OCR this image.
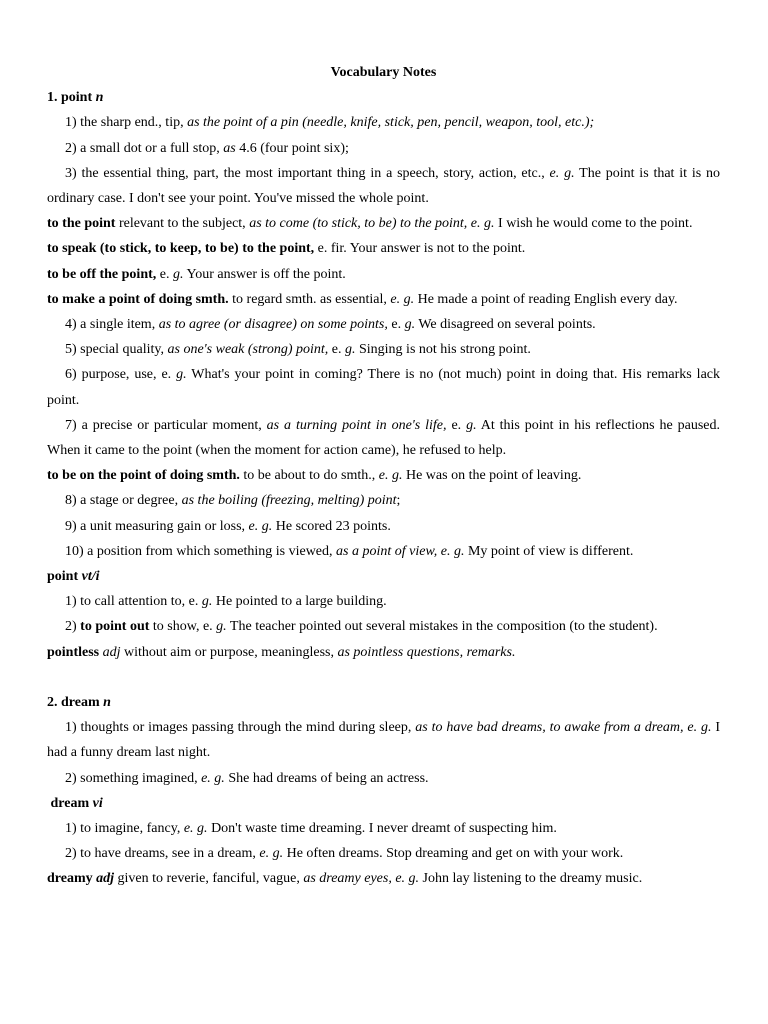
Vocabulary Notes

1. point n

1) the sharp end., tip, as the point of a pin (needle, knife, stick, pen, pencil, weapon, tool, etc.);

2) a small dot or a full stop, as 4.6 (four point six);

3) the essential thing, part, the most important thing in a speech, story, action, etc., e. g. The point is that it is no ordinary case. I don't see your point. You've missed the whole point.

to the point relevant to the subject, as to come (to stick, to be) to the point, e. g. I wish he would come to the point.

to speak (to stick, to keep, to be) to the point, e. fir. Your answer is not to the point.

to be off the point, e. g. Your answer is off the point.

to make a point of doing smth. to regard smth. as essential, e. g. He made a point of reading English every day.

4) a single item, as to agree (or disagree) on some points, e. g. We disagreed on several points.

5) special quality, as one's weak (strong) point, e. g. Singing is not his strong point.

6) purpose, use, e. g. What's your point in coming? There is no (not much) point in doing that. His remarks lack point.

7) a precise or particular moment, as a turning point in one's life, e. g. At this point in his reflections he paused. When it came to the point (when the moment for action came), he refused to help.

to be on the point of doing smth. to be about to do smth., e. g. He was on the point of leaving.

8) a stage or degree, as the boiling (freezing, melting) point;

9) a unit measuring gain or loss, e. g. He scored 23 points.

10) a position from which something is viewed, as a point of view, e. g. My point of view is different.

point vt/i

1) to call attention to, e. g. He pointed to a large building.

2) to point out to show, e. g. The teacher pointed out several mistakes in the composition (to the student).

pointless adj without aim or purpose, meaningless, as pointless questions, remarks.

2. dream n

1) thoughts or images passing through the mind during sleep, as to have bad dreams, to awake from a dream, e. g. I had a funny dream last night.

2) something imagined, e. g. She had dreams of being an actress.

dream vi

1) to imagine, fancy, e. g. Don't waste time dreaming. I never dreamt of suspecting him.

2) to have dreams, see in a dream, e. g. He often dreams. Stop dreaming and get on with your work.

dreamy adj given to reverie, fanciful, vague, as dreamy eyes, e. g. John lay listening to the dreamy music.
